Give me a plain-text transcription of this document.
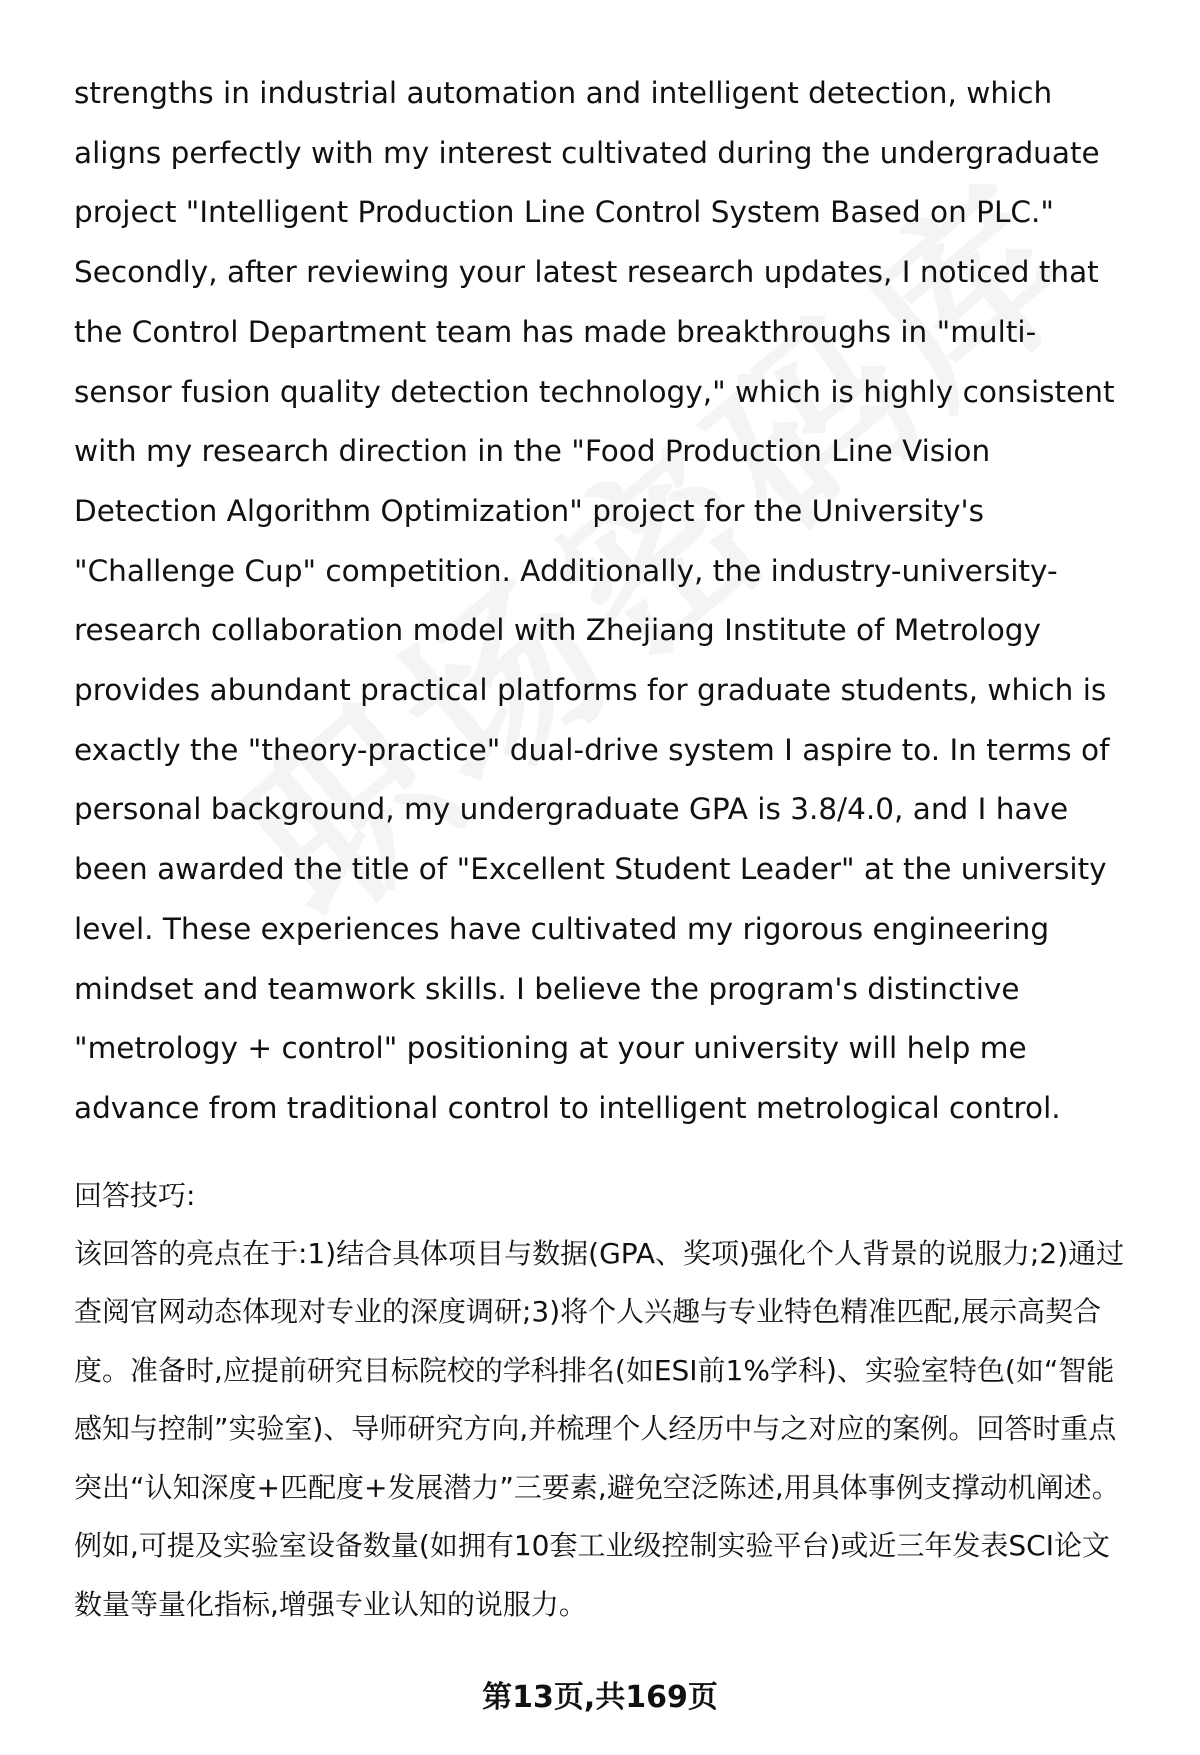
strengths in industrial automation and intelligent detection, which aligns perfectly with my interest cultivated during the undergraduate project "Intelligent Production Line Control System Based on PLC." Secondly, after reviewing your latest research updates, I noticed that the Control Department team has made breakthroughs in "multi-sensor fusion quality detection technology," which is highly consistent with my research direction in the "Food Production Line Vision Detection Algorithm Optimization" project for the University's "Challenge Cup" competition. Additionally, the industry-university-research collaboration model with Zhejiang Institute of Metrology provides abundant practical platforms for graduate students, which is exactly the "theory-practice" dual-drive system I aspire to. In terms of personal background, my undergraduate GPA is 3.8/4.0, and I have been awarded the title of "Excellent Student Leader" at the university level. These experiences have cultivated my rigorous engineering mindset and teamwork skills. I believe the program's distinctive "metrology + control" positioning at your university will help me advance from traditional control to intelligent metrological control.

回答技巧:

该回答的亮点在于:1)结合具体项目与数据(GPA、奖项)强化个人背景的说服力;2)通过查阅官网动态体现对专业的深度调研;3)将个人兴趣与专业特色精准匹配,展示高契合度。准备时,应提前研究目标院校的学科排名(如ESI前1%学科)、实验室特色(如“智能感知与控制”实验室)、导师研究方向,并梳理个人经历中与之对应的案例。回答时重点突出“认知深度+匹配度+发展潜力”三要素,避免空泛陈述,用具体事例支撑动机阐述。例如,可提及实验室设备数量(如拥有10套工业级控制实验平台)或近三年发表SCI论文数量等量化指标,增强专业认知的说服力。

第13页,共169页
